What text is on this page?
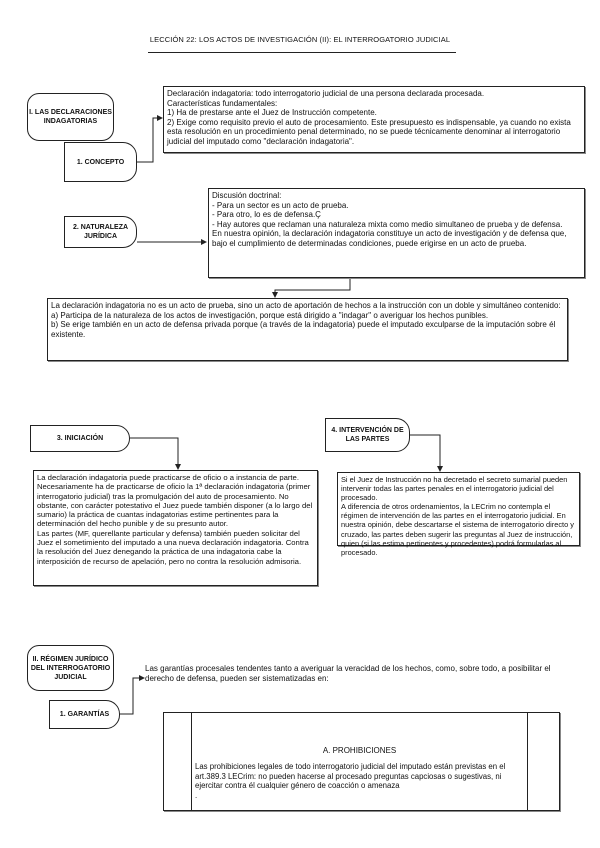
LECCIÓN 22: LOS ACTOS DE INVESTIGACIÓN (II): EL INTERROGATORIO JUDICIAL
I. LAS DECLARACIONES INDAGATORIAS
1. CONCEPTO

Declaración indagatoria: todo interrogatorio judicial de una persona declarada procesada.

Características fundamentales:

1) Ha de prestarse ante el Juez de Instrucción competente.

2) Exige como requisito previo el auto de procesamiento. Este presupuesto es indispensable, ya cuando no exista esta resolución en un procedimiento penal determinado, no se puede técnicamente denominar al interrogatorio judicial del imputado como "declaración indagatoria".

2. NATURALEZA JURÍDICA

Discusión doctrinal:

- Para un sector es un acto de prueba.

- Para otro, lo es de defensa.Ç

- Hay autores que reclaman una naturaleza mixta como medio simultaneo de prueba y de defensa.

En nuestra opinión, la declaración indagatoria constituye un acto de investigación y de defensa que, bajo el cumplimiento de determinadas condiciones, puede erigirse en un acto de prueba.

La declaración indagatoria no es un acto de prueba, sino un acto de aportación de hechos a la instrucción con un doble y simultáneo contenido:

a) Participa de la naturaleza de los actos de investigación, porque está dirigido a "indagar" o averiguar los hechos punibles.

b) Se erige también en un acto de defensa privada porque (a través de la indagatoria) puede el imputado exculparse de la imputación sobre él existente.

3. INICIACIÓN

La declaración indagatoria puede practicarse de oficio o a instancia de parte.

Necesariamente ha de practicarse de oficio la 1ª declaración indagatoria (primer interrogatorio judicial) tras la promulgación del auto de procesamiento. No obstante, con carácter potestativo el Juez puede también disponer (a lo largo del sumario) la práctica de cuantas indagatorias estime pertinentes para la determinación del hecho punible y de su presunto autor.

Las partes (MF, querellante particular y defensa) también pueden solicitar del Juez el sometimiento del imputado a una nueva declaración indagatoria. Contra la resolución del Juez denegando la práctica de una indagatoria cabe la interposición de recurso de apelación, pero no contra la resolución admisoria.

4. INTERVENCIÓN DE LAS PARTES

Si el Juez de Instrucción no ha decretado el secreto sumarial pueden intervenir todas las partes penales en el interrogatorio judicial del procesado.

A diferencia de otros ordenamientos, la LECrim no contempla el régimen de intervención de las partes en el interrogatorio judicial. En nuestra opinión, debe descartarse el sistema de interrogatorio directo y cruzado, las partes deben sugerir las preguntas al Juez de instrucción, quien (si las estima pertinentes y procedentes) podrá formularlas al procesado.

II. RÉGIMEN JURÍDICO DEL INTERROGATORIO JUDICIAL
1. GARANTÍAS
Las garantías procesales tendentes tanto a averiguar la veracidad de los hechos, como, sobre todo, a posibilitar el derecho de defensa, pueden ser sistematizadas en:
A. PROHIBICIONES
Las prohibiciones legales de todo interrogatorio judicial del imputado están previstas en el art.389.3 LECrim: no pueden hacerse al procesado preguntas capciosas o sugestivas, ni ejercitar contra él cualquier género de coacción o amenaza
.
